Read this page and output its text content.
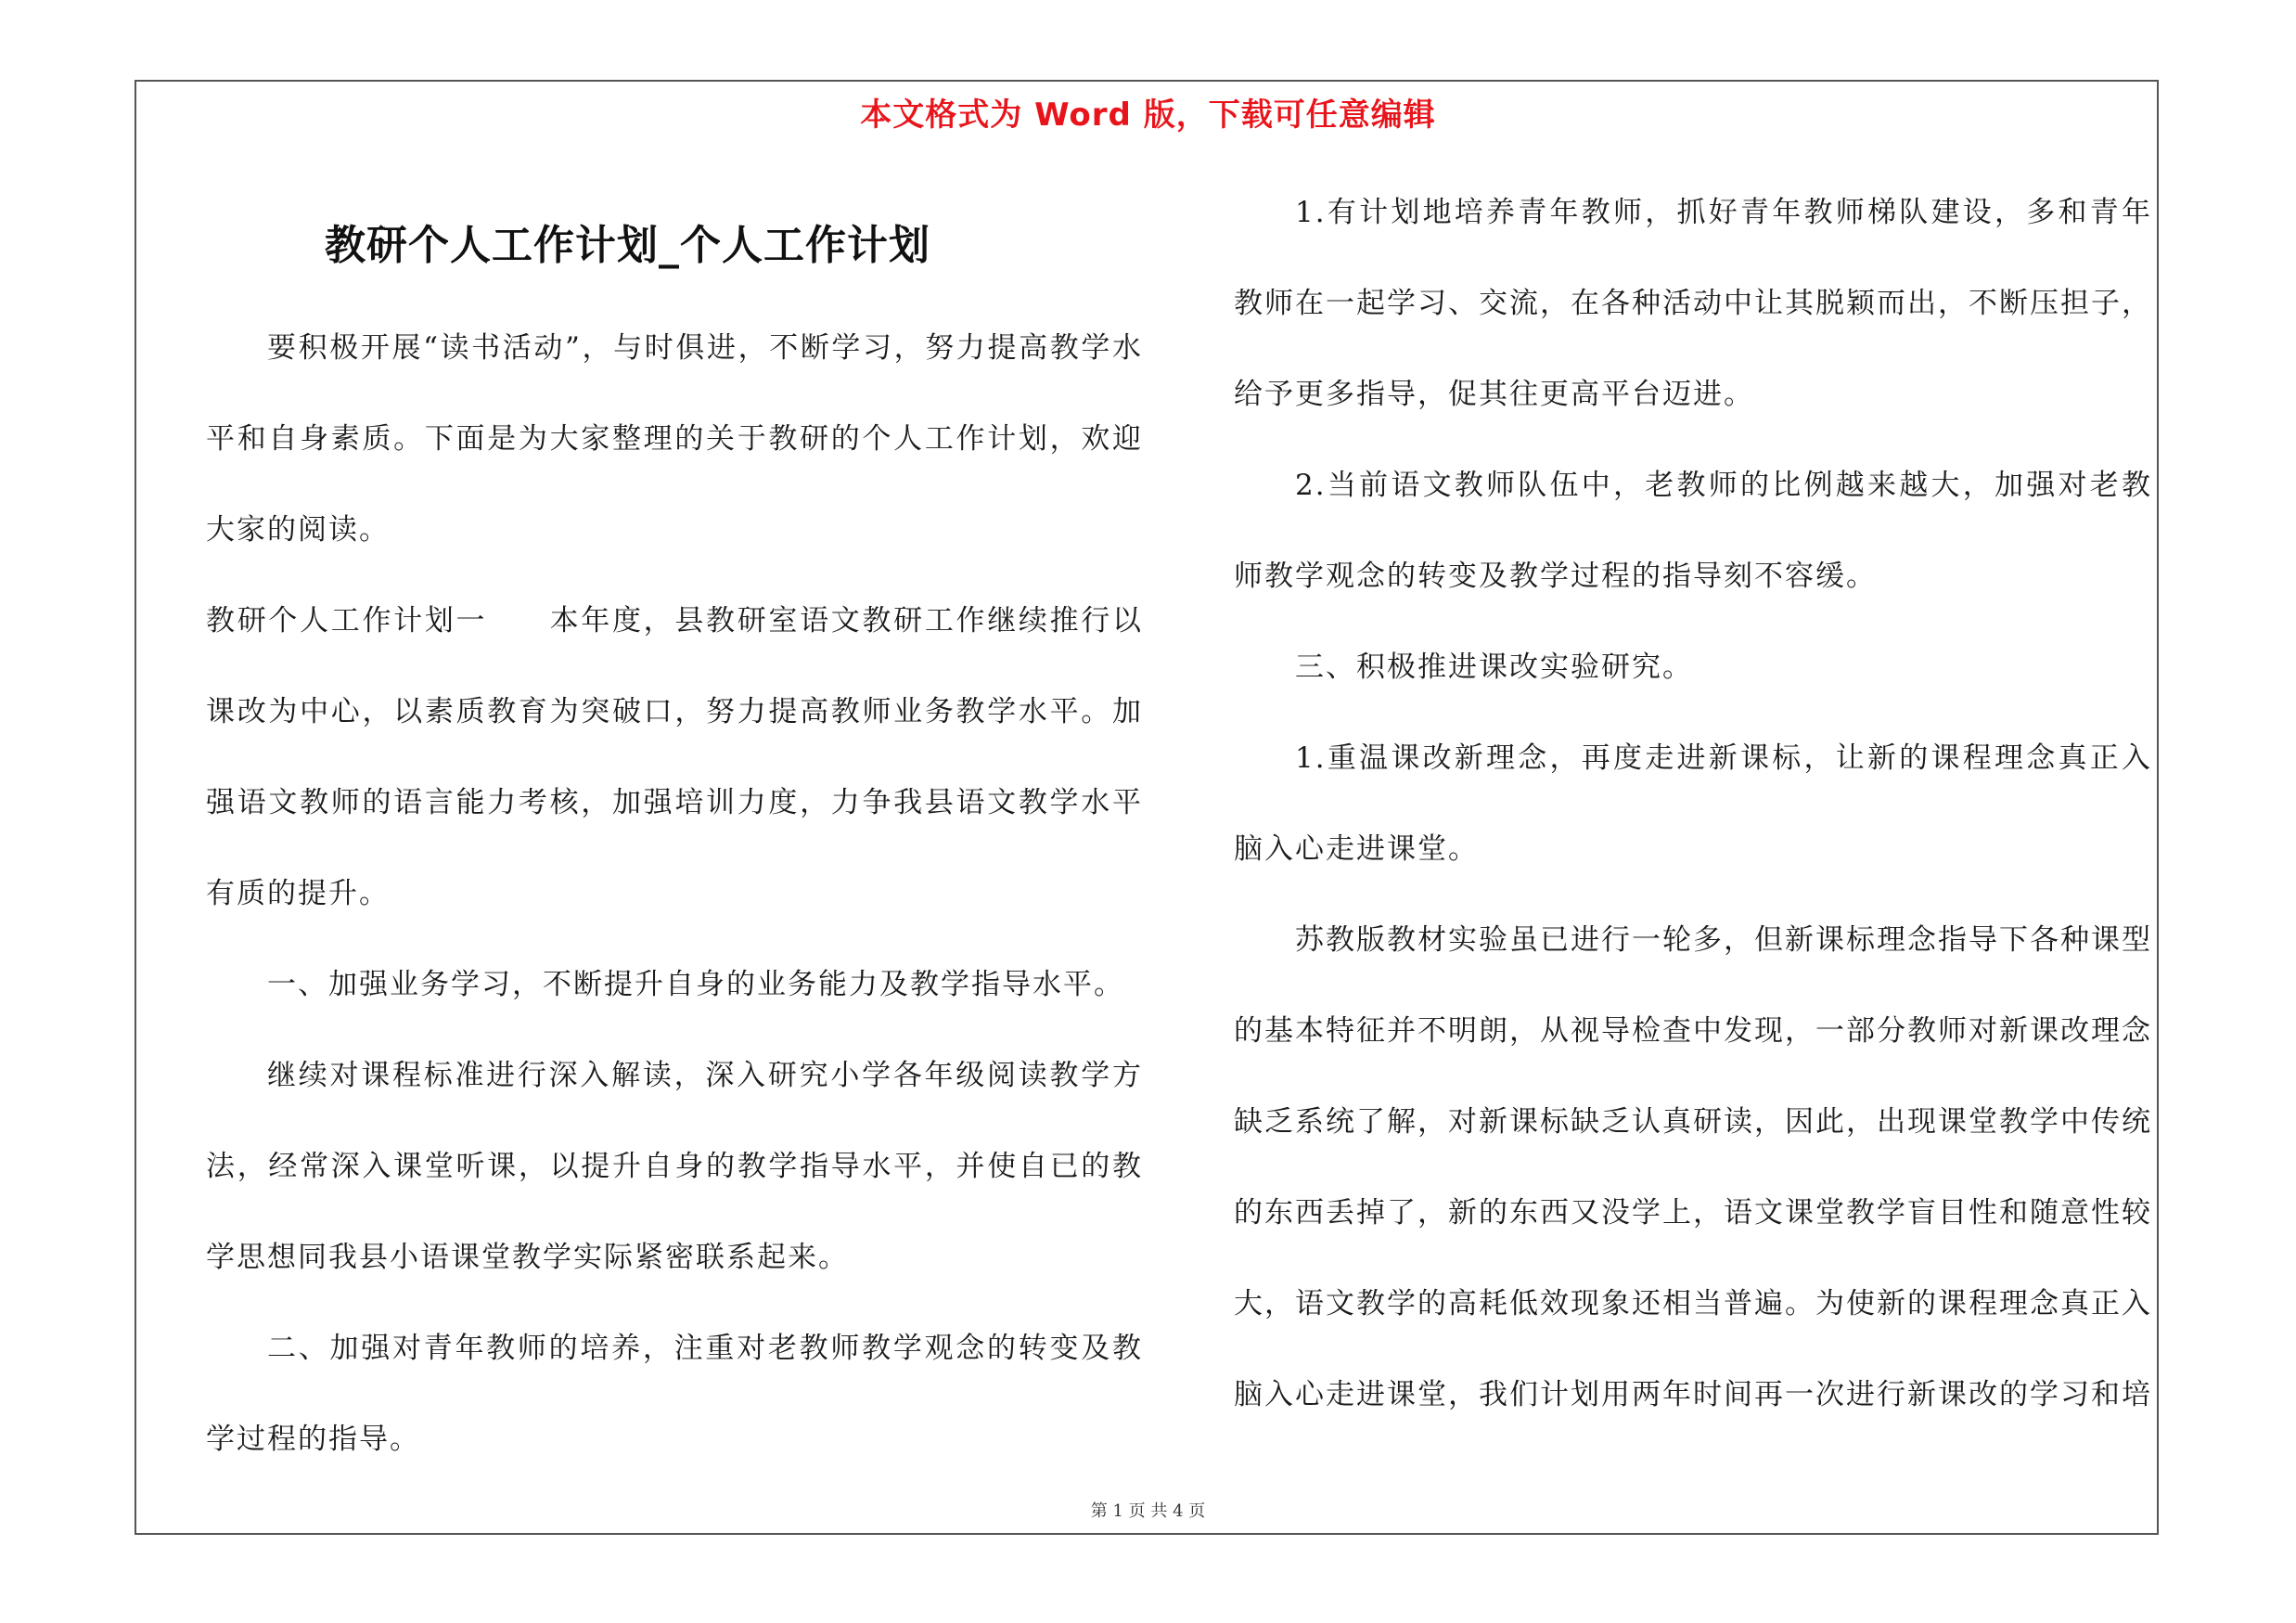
本文格式为 Word 版，下载可任意编辑
教研个人工作计划_个人工作计划

要积极开展“读书活动”，与时俱进，不断学习，努力提高教学水平和自身素质。下面是为大家整理的关于教研的个人工作计划，欢迎大家的阅读。

教研个人工作计划一　　本年度，县教研室语文教研工作继续推行以课改为中心，以素质教育为突破口，努力提高教师业务教学水平。加强语文教师的语言能力考核，加强培训力度，力争我县语文教学水平有质的提升。

一、加强业务学习，不断提升自身的业务能力及教学指导水平。

继续对课程标准进行深入解读，深入研究小学各年级阅读教学方法，经常深入课堂听课，以提升自身的教学指导水平，并使自已的教学思想同我县小语课堂教学实际紧密联系起来。

二、加强对青年教师的培养，注重对老教师教学观念的转变及教学过程的指导。

1.有计划地培养青年教师，抓好青年教师梯队建设，多和青年教师在一起学习、交流，在各种活动中让其脱颖而出，不断压担子，给予更多指导，促其往更高平台迈进。

2.当前语文教师队伍中，老教师的比例越来越大，加强对老教师教学观念的转变及教学过程的指导刻不容缓。

三、积极推进课改实验研究。

1.重温课改新理念，再度走进新课标，让新的课程理念真正入脑入心走进课堂。

苏教版教材实验虽已进行一轮多，但新课标理念指导下各种课型的基本特征并不明朗，从视导检查中发现，一部分教师对新课改理念缺乏系统了解，对新课标缺乏认真研读，因此，出现课堂教学中传统的东西丢掉了，新的东西又没学上，语文课堂教学盲目性和随意性较大，语文教学的高耗低效现象还相当普遍。为使新的课程理念真正入脑入心走进课堂，我们计划用两年时间再一次进行新课改的学习和培

第 1 页 共 4 页
